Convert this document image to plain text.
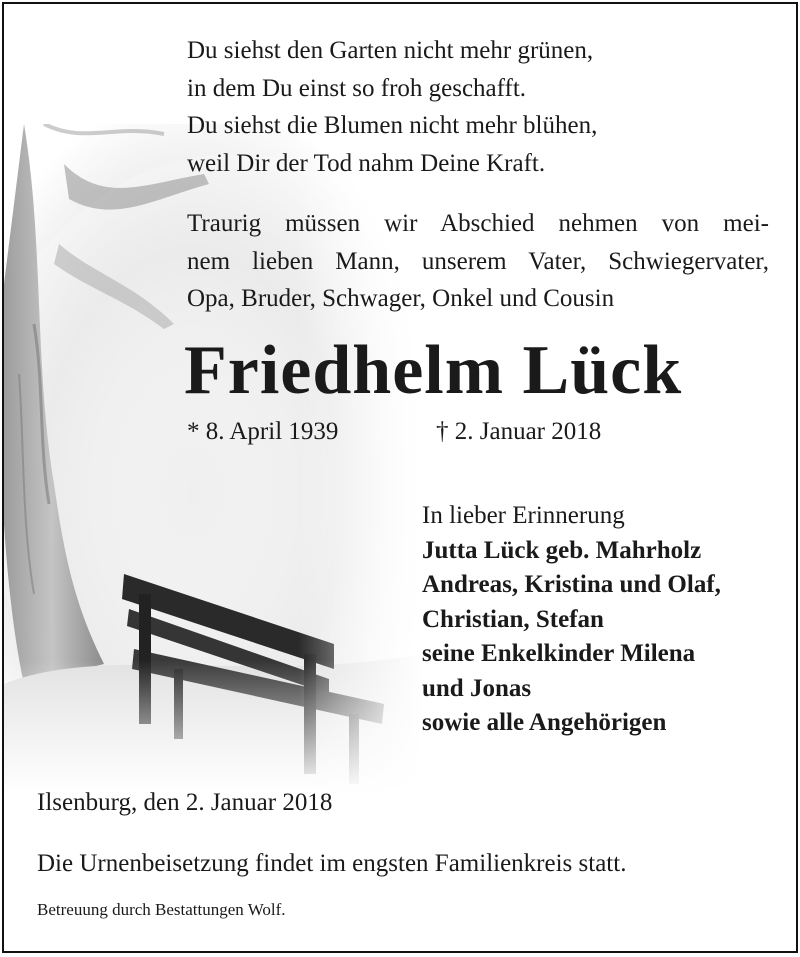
Du siehst den Garten nicht mehr grünen,
in dem Du einst so froh geschafft.
Du siehst die Blumen nicht mehr blühen,
weil Dir der Tod nahm Deine Kraft.
Traurig müssen wir Abschied nehmen von mei-
nem lieben Mann, unserem Vater, Schwiegervater,
Opa, Bruder, Schwager, Onkel und Cousin
Friedhelm Lück
* 8. April 1939	† 2. Januar 2018
In lieber Erinnerung
Jutta Lück geb. Mahrholz
Andreas, Kristina und Olaf,
Christian, Stefan
seine Enkelkinder Milena
und Jonas
sowie alle Angehörigen
Ilsenburg, den 2. Januar 2018
Die Urnenbeisetzung findet im engsten Familienkreis statt.
Betreuung durch Bestattungen Wolf.
